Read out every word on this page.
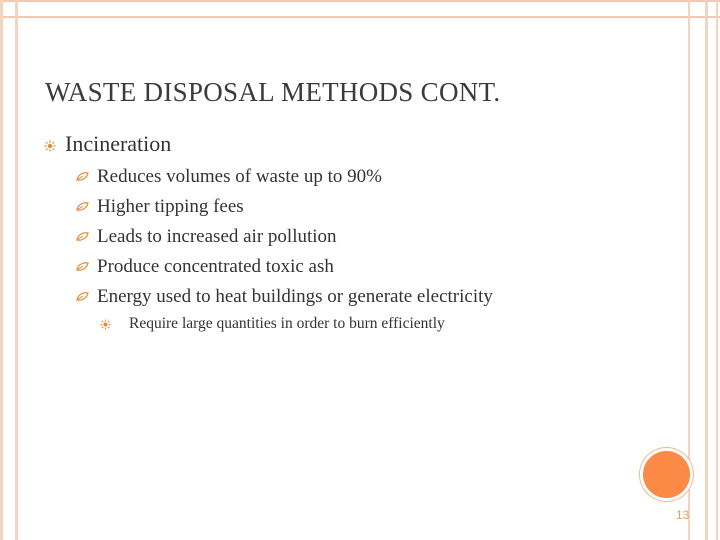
WASTE DISPOSAL METHODS CONT.
Incineration
Reduces volumes of waste up to 90%
Higher tipping fees
Leads to increased air pollution
Produce concentrated toxic ash
Energy used to heat buildings or generate electricity
Require large quantities in order to burn efficiently
13
